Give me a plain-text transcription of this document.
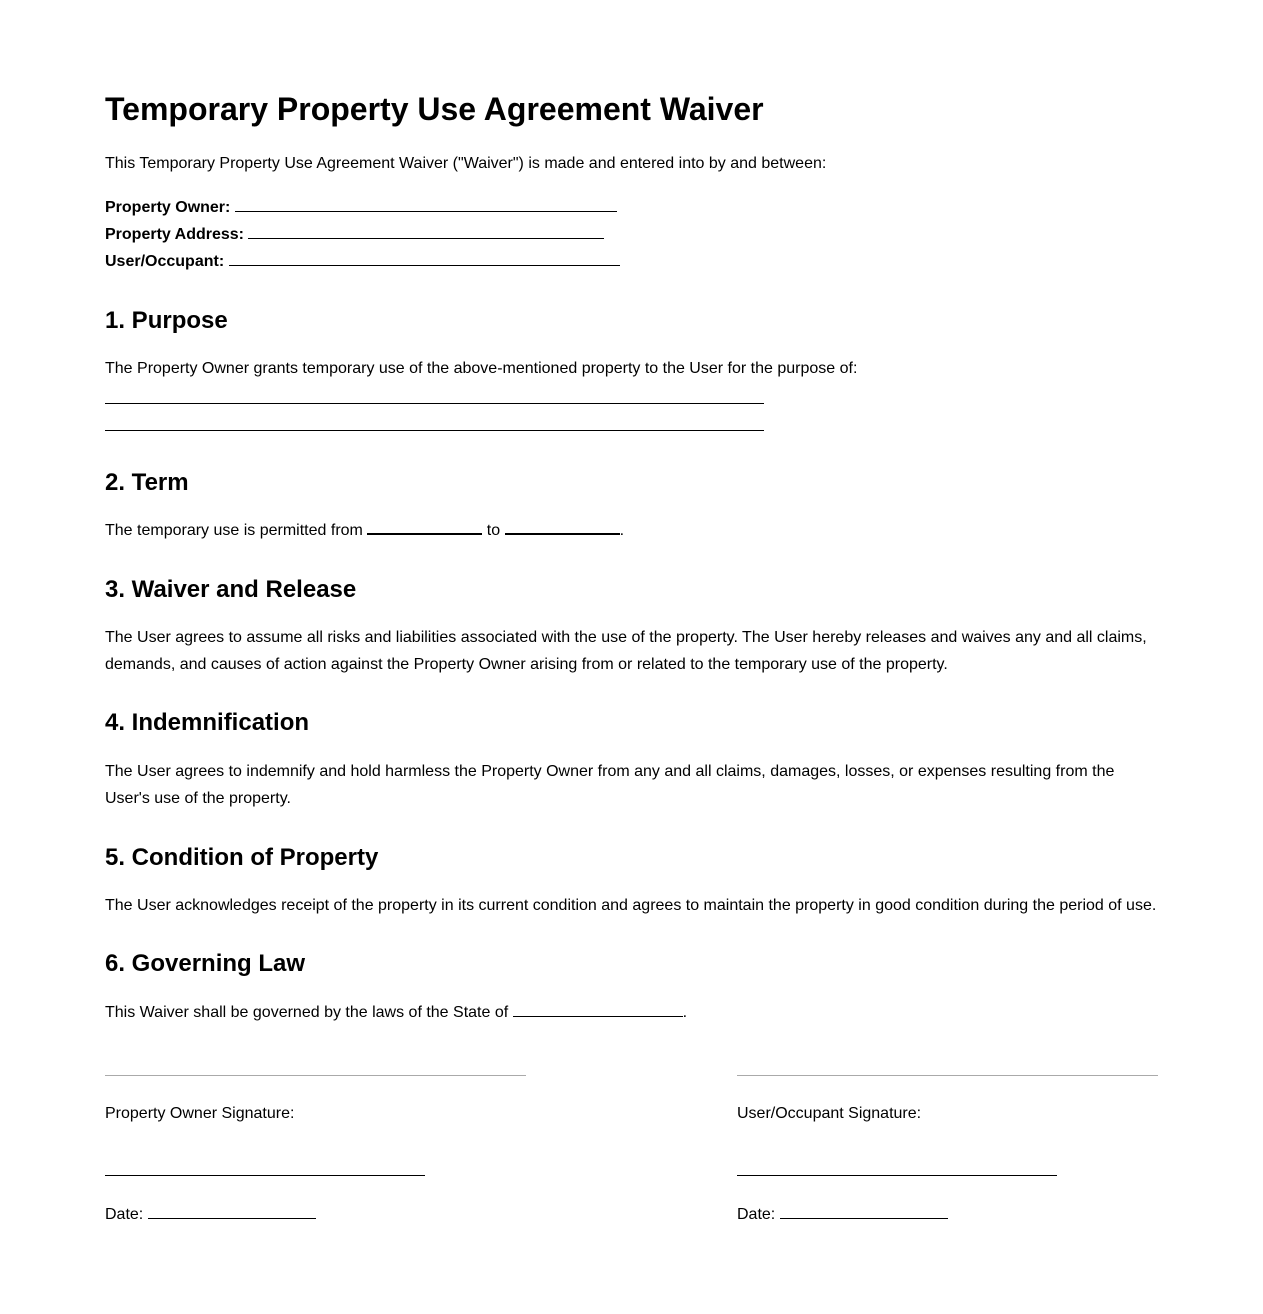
Temporary Property Use Agreement Waiver

This Temporary Property Use Agreement Waiver ("Waiver") is made and entered into by and between:

Property Owner:

Property Address:

User/Occupant:

1. Purpose

The Property Owner grants temporary use of the above-mentioned property to the User for the purpose of:

2. Term

The temporary use is permitted from	to	.

3. Waiver and Release

The User agrees to assume all risks and liabilities associated with the use of the property. The User hereby releases and waives any and all claims, demands, and causes of action against the Property Owner arising from or related to the temporary use of the property.

4. Indemnification

The User agrees to indemnify and hold harmless the Property Owner from any and all claims, damages, losses, or expenses resulting from the User's use of the property.

5. Condition of Property

The User acknowledges receipt of the property in its current condition and agrees to maintain the property in good condition during the period of use.

6. Governing Law

This Waiver shall be governed by the laws of the State of	.

Property Owner Signature:	User/Occupant Signature:

Date:	Date:
